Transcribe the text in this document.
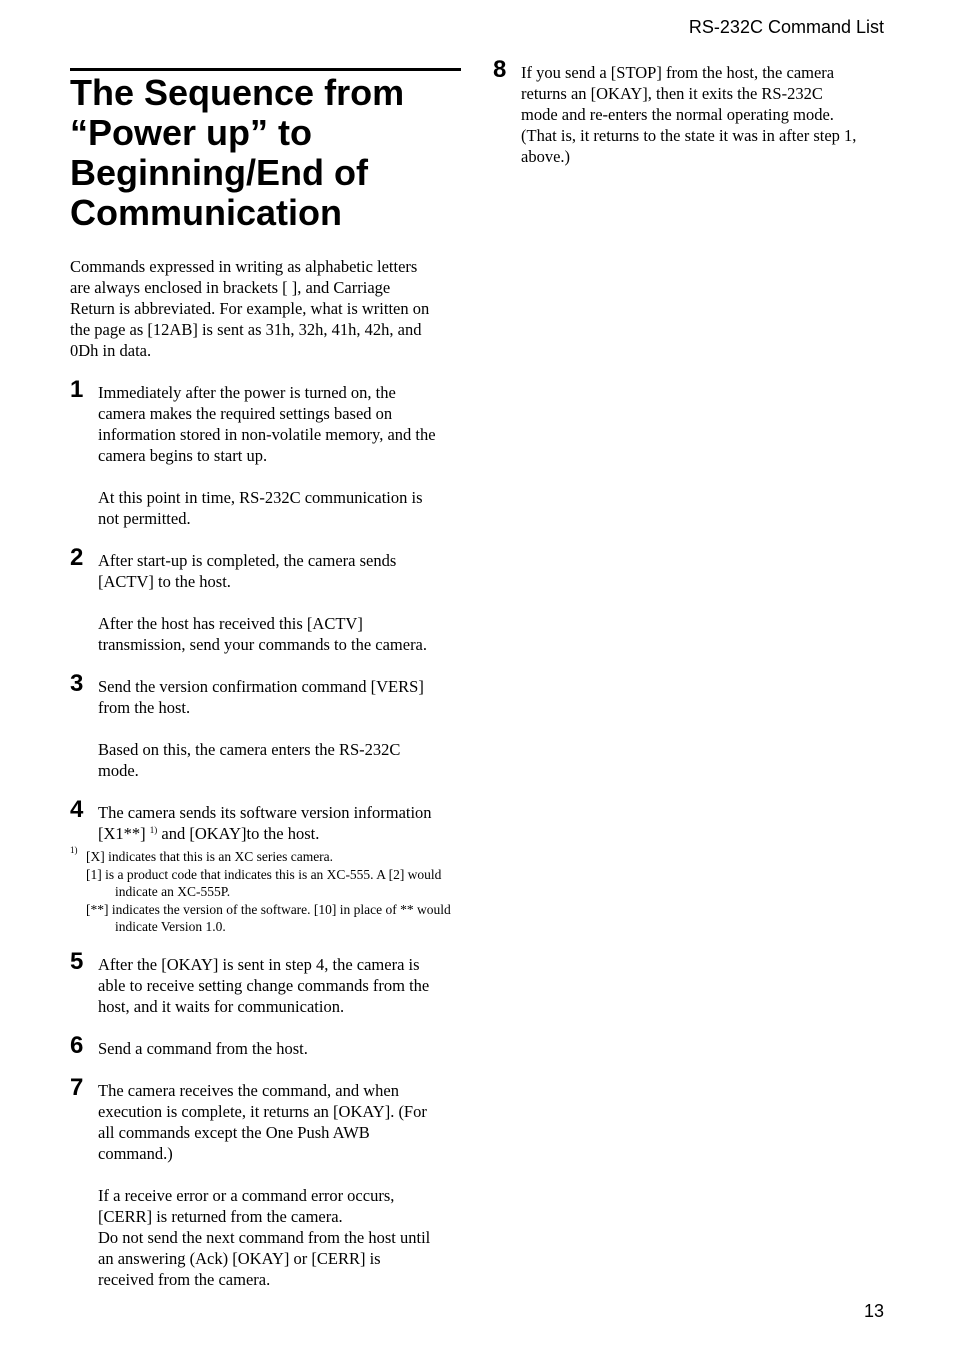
RS-232C Command List
The Sequence from
“Power up” to
Beginning/End of
Communication

Commands expressed in writing as alphabetic letters
are always enclosed in brackets [ ], and Carriage
Return is abbreviated. For example, what is written on
the page as [12AB] is sent as 31h, 32h, 41h, 42h, and
0Dh in data.

1 Immediately after the power is turned on, the
camera makes the required settings based on
information stored in non-volatile memory, and the
camera begins to start up.

At this point in time, RS-232C communication is
not permitted.

2 After start-up is completed, the camera sends
[ACTV] to the host.

After the host has received this [ACTV]
transmission, send your commands to the camera.

3 Send the version confirmation command [VERS]
from the host.

Based on this, the camera enters the RS-232C
mode.

4 The camera sends its software version information
[X1**] $^{1)}$ and [OKAY]to the host.

1) [X] indicates that this is an XC series camera.
[1] is a product code that indicates this is an XC-555. A [2] would indicate an XC-555P.
[**] indicates the version of the software. [10] in place of ** would indicate Version 1.0.
5 After the [OKAY] is sent in step 4, the camera is
able to receive setting change commands from the
host, and it waits for communication.

6 Send a command from the host.

7 The camera receives the command, and when
execution is complete, it returns an [OKAY]. (For
all commands except the One Push AWB
command.)

If a receive error or a command error occurs,
[CERR] is returned from the camera.
Do not send the next command from the host until
an answering (Ack) [OKAY] or [CERR] is
received from the camera.

8 If you send a [STOP] from the host, the camera
returns an [OKAY], then it exits the RS-232C
mode and re-enters the normal operating mode.
(That is, it returns to the state it was in after step 1,
above.)

13
